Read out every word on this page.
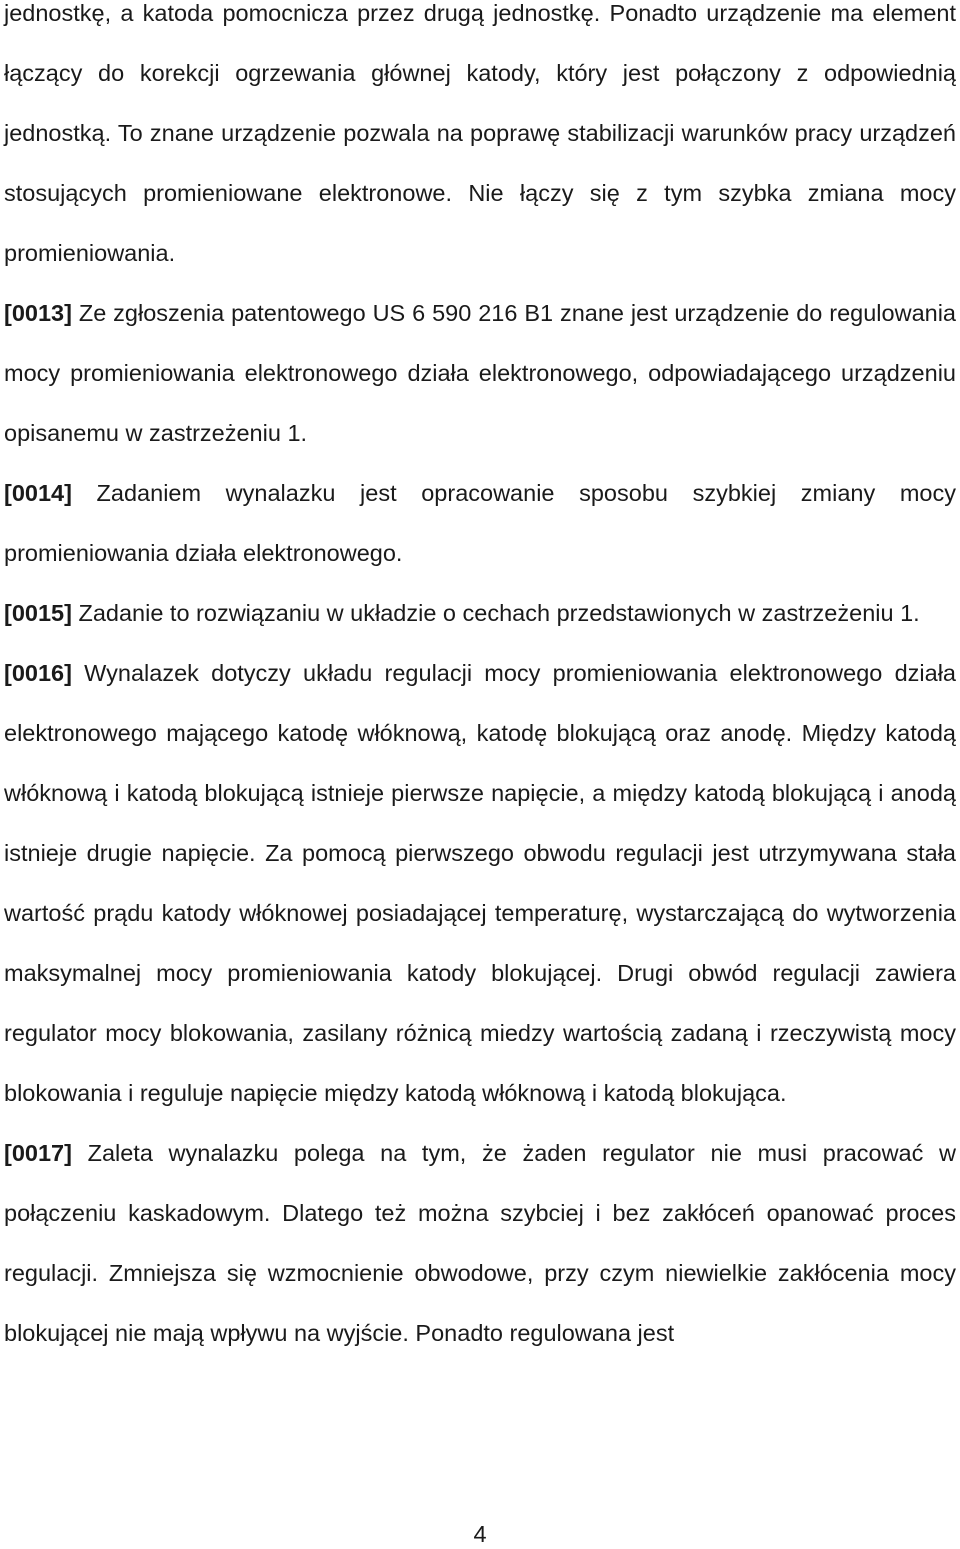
jednostkę, a katoda pomocnicza przez drugą jednostkę. Ponadto urządzenie ma element łączący do korekcji ogrzewania głównej katody, który jest połączony z odpowiednią jednostką. To znane urządzenie pozwala na poprawę stabilizacji warunków pracy urządzeń stosujących promieniowane elektronowe. Nie łączy się z tym szybka zmiana mocy promieniowania.

[0013] Ze zgłoszenia patentowego US 6 590 216 B1 znane jest urządzenie do regulowania mocy promieniowania elektronowego działa elektronowego, odpowiadającego urządzeniu opisanemu w zastrzeżeniu 1.

[0014] Zadaniem wynalazku jest opracowanie sposobu szybkiej zmiany mocy promieniowania działa elektronowego.

[0015] Zadanie to rozwiązaniu w układzie o cechach przedstawionych w zastrzeżeniu 1.

[0016] Wynalazek dotyczy układu regulacji mocy promieniowania elektronowego działa elektronowego mającego katodę włóknową, katodę blokującą oraz anodę. Między katodą włóknową i katodą blokującą istnieje pierwsze napięcie, a między katodą blokującą i anodą istnieje drugie napięcie. Za pomocą pierwszego obwodu regulacji jest utrzymywana stała wartość prądu katody włóknowej posiadającej temperaturę, wystarczającą do wytworzenia maksymalnej mocy promieniowania katody blokującej. Drugi obwód regulacji zawiera regulator mocy blokowania, zasilany różnicą miedzy wartością zadaną i rzeczywistą mocy blokowania i reguluje napięcie między katodą włóknową i katodą blokująca.

[0017] Zaleta wynalazku polega na tym, że żaden regulator nie musi pracować w połączeniu kaskadowym. Dlatego też można szybciej i bez zakłóceń opanować proces regulacji. Zmniejsza się wzmocnienie obwodowe, przy czym niewielkie zakłócenia mocy blokującej nie mają wpływu na wyjście. Ponadto regulowana jest

4
